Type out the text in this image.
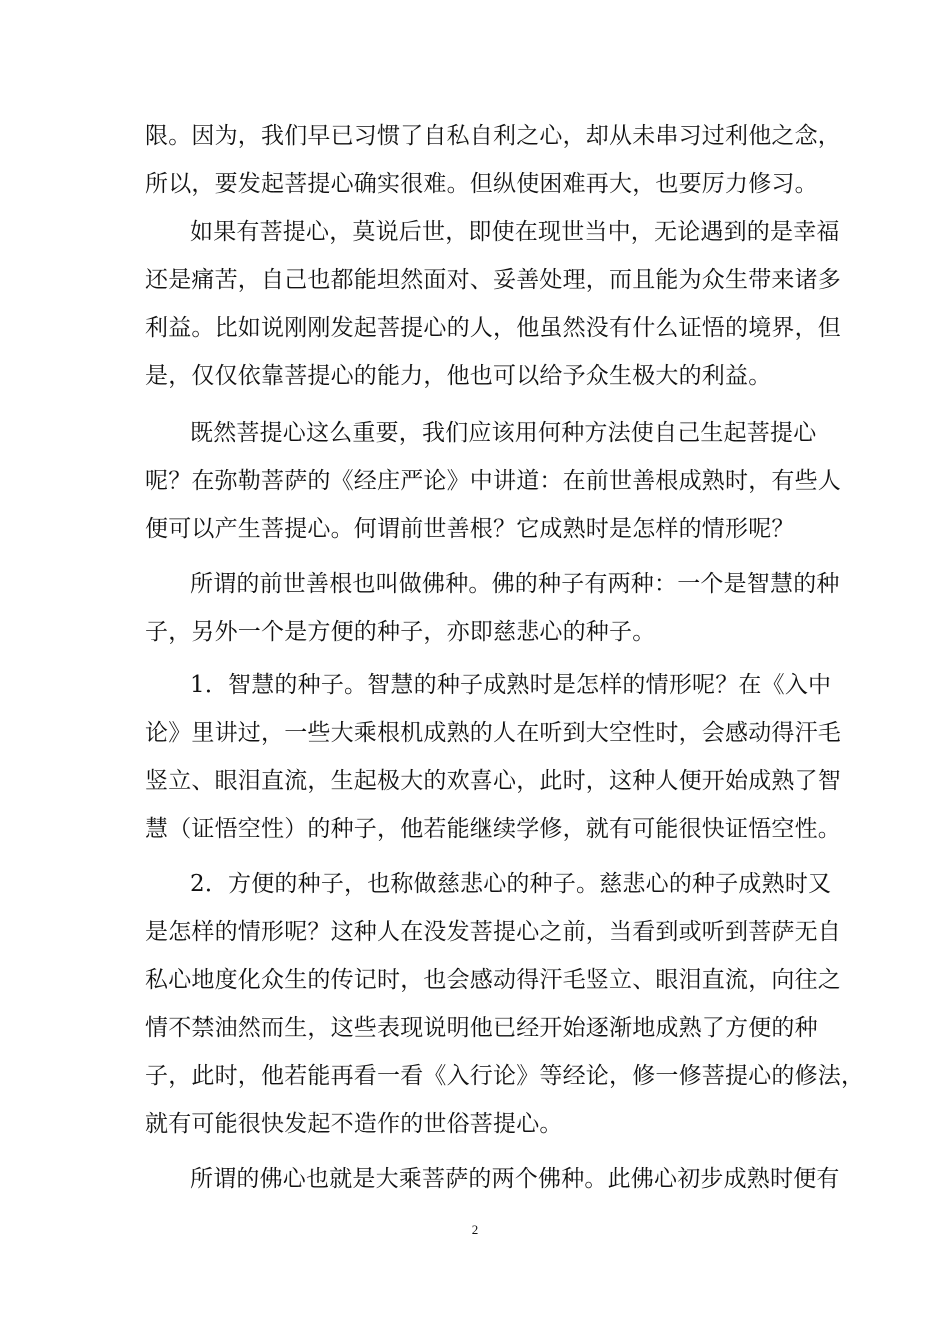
限。因为，我们早已习惯了自私自利之心，却从未串习过利他之念，
所以，要发起菩提心确实很难。但纵使困难再大，也要厉力修习。
如果有菩提心，莫说后世，即使在现世当中，无论遇到的是幸福
还是痛苦，自己也都能坦然面对、妥善处理，而且能为众生带来诸多
利益。比如说刚刚发起菩提心的人，他虽然没有什么证悟的境界，但
是，仅仅依靠菩提心的能力，他也可以给予众生极大的利益。
既然菩提心这么重要，我们应该用何种方法使自己生起菩提心
呢？在弥勒菩萨的《经庄严论》中讲道：在前世善根成熟时，有些人
便可以产生菩提心。何谓前世善根？它成熟时是怎样的情形呢？
所谓的前世善根也叫做佛种。佛的种子有两种：一个是智慧的种
子，另外一个是方便的种子，亦即慈悲心的种子。
1．智慧的种子。智慧的种子成熟时是怎样的情形呢？在《入中
论》里讲过，一些大乘根机成熟的人在听到大空性时，会感动得汗毛
竖立、眼泪直流，生起极大的欢喜心，此时，这种人便开始成熟了智
慧（证悟空性）的种子，他若能继续学修，就有可能很快证悟空性。
2．方便的种子，也称做慈悲心的种子。慈悲心的种子成熟时又
是怎样的情形呢？这种人在没发菩提心之前，当看到或听到菩萨无自
私心地度化众生的传记时，也会感动得汗毛竖立、眼泪直流，向往之
情不禁油然而生，这些表现说明他已经开始逐渐地成熟了方便的种
子，此时，他若能再看一看《入行论》等经论，修一修菩提心的修法，
就有可能很快发起不造作的世俗菩提心。
所谓的佛心也就是大乘菩萨的两个佛种。此佛心初步成熟时便有
2
